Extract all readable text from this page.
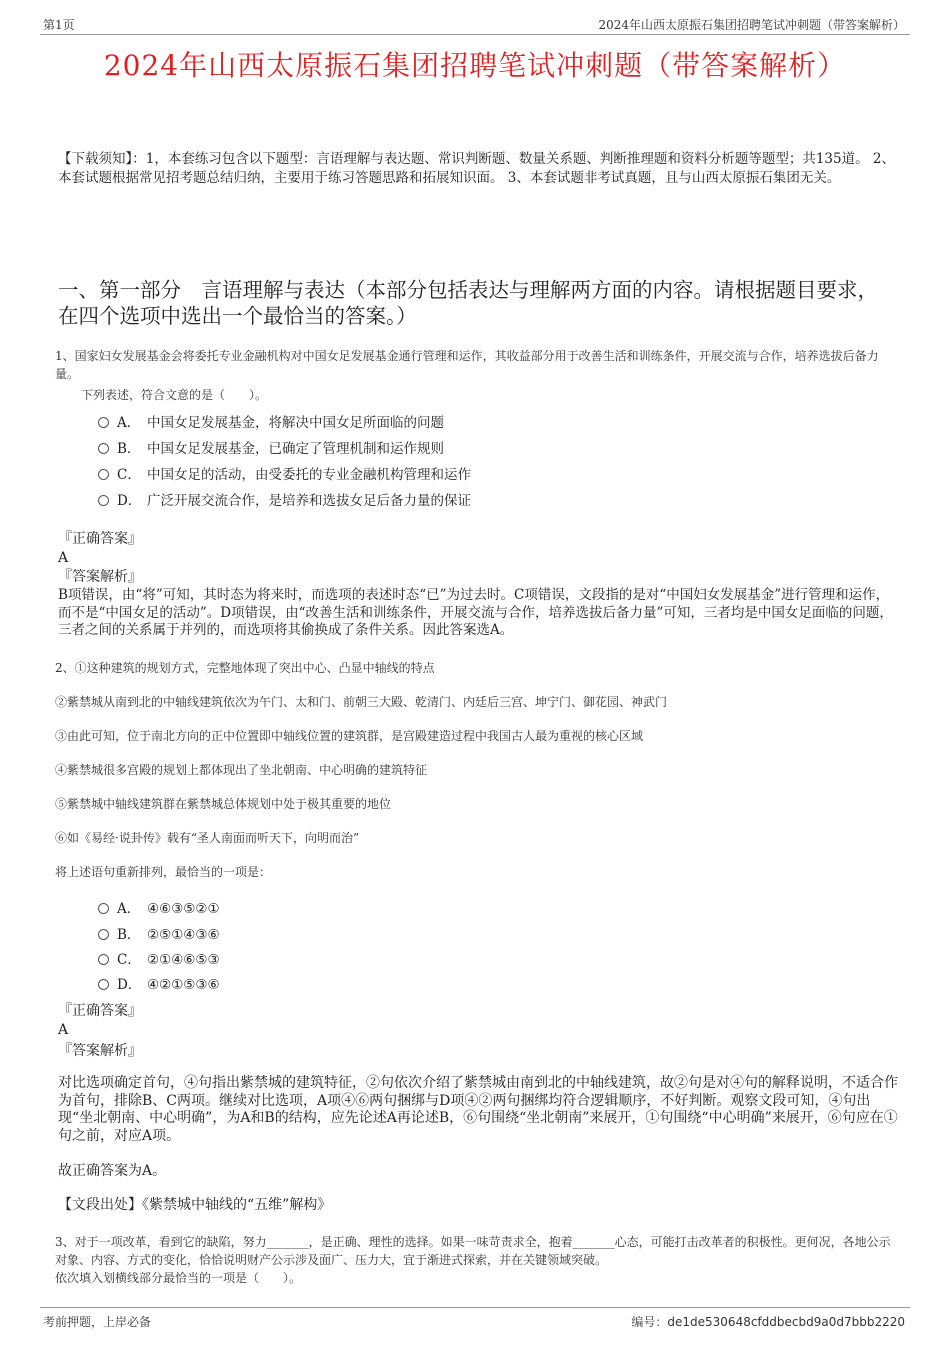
第1页	2024年山西太原振石集团招聘笔试冲刺题（带答案解析）
2024年山西太原振石集团招聘笔试冲刺题（带答案解析）
【下载须知】：1，本套练习包含以下题型：言语理解与表达题、常识判断题、数量关系题、判断推理题和资料分析题等题型；共135道。 2、本套试题根据常见招考题总结归纳，主要用于练习答题思路和拓展知识面。 3、本套试题非考试真题，且与山西太原振石集团无关。
一、第一部分　言语理解与表达（本部分包括表达与理解两方面的内容。请根据题目要求，在四个选项中选出一个最恰当的答案。）
1、国家妇女发展基金会将委托专业金融机构对中国女足发展基金通行管理和运作，其收益部分用于改善生活和训练条件，开展交流与合作，培养选拔后备力量。
下列表述，符合文意的是（　　）。
A． 中国女足发展基金，将解决中国女足所面临的问题
B． 中国女足发展基金，已确定了管理机制和运作规则
C． 中国女足的活动，由受委托的专业金融机构管理和运作
D． 广泛开展交流合作，是培养和选拔女足后备力量的保证
『正确答案』
A
『答案解析』
B项错误，由“将”可知，其时态为将来时，而选项的表述时态“已”为过去时。C项错误，文段指的是对“中国妇女发展基金”进行管理和运作，而不是“中国女足的活动”。D项错误，由“改善生活和训练条件，开展交流与合作，培养选拔后备力量”可知，三者均是中国女足面临的问题，三者之间的关系属于并列的，而选项将其偷换成了条件关系。因此答案选A。
2、①这种建筑的规划方式，完整地体现了突出中心、凸显中轴线的特点
②紫禁城从南到北的中轴线建筑依次为午门、太和门、前朝三大殿、乾清门、内廷后三宫、坤宁门、御花园、神武门
③由此可知，位于南北方向的正中位置即中轴线位置的建筑群，是宫殿建造过程中我国古人最为重视的核心区域
④紫禁城很多宫殿的规划上都体现出了坐北朝南、中心明确的建筑特征
⑤紫禁城中轴线建筑群在紫禁城总体规划中处于极其重要的地位
⑥如《易经·说卦传》载有“圣人南面而听天下，向明而治”
将上述语句重新排列，最恰当的一项是：
A． ④⑥③⑤②①
B． ②⑤①④③⑥
C． ②①④⑥⑤③
D． ④②①⑤③⑥
『正确答案』
A
『答案解析』
对比选项确定首句，④句指出紫禁城的建筑特征，②句依次介绍了紫禁城由南到北的中轴线建筑，故②句是对④句的解释说明，不适合作为首句，排除B、C两项。继续对比选项，A项④⑥两句捆绑与D项④②两句捆绑均符合逻辑顺序，不好判断。观察文段可知，④句出现“坐北朝南、中心明确”，为A和B的结构，应先论述A再论述B，⑥句围绕“坐北朝南”来展开，①句围绕“中心明确”来展开，⑥句应在①句之前，对应A项。
故正确答案为A。
【文段出处】《紫禁城中轴线的“五维”解构》
3、对于一项改革，看到它的缺陷，努力_______，是正确、理性的选择。如果一味苛责求全，抱着_______心态，可能打击改革者的积极性。更何况，各地公示对象、内容、方式的变化，恰恰说明财产公示涉及面广、压力大，宜于渐进式探索，并在关键领域突破。
依次填入划横线部分最恰当的一项是（　　）。
考前押题，上岸必备	编号：de1de530648cfddbecbd9a0d7bbb2220
